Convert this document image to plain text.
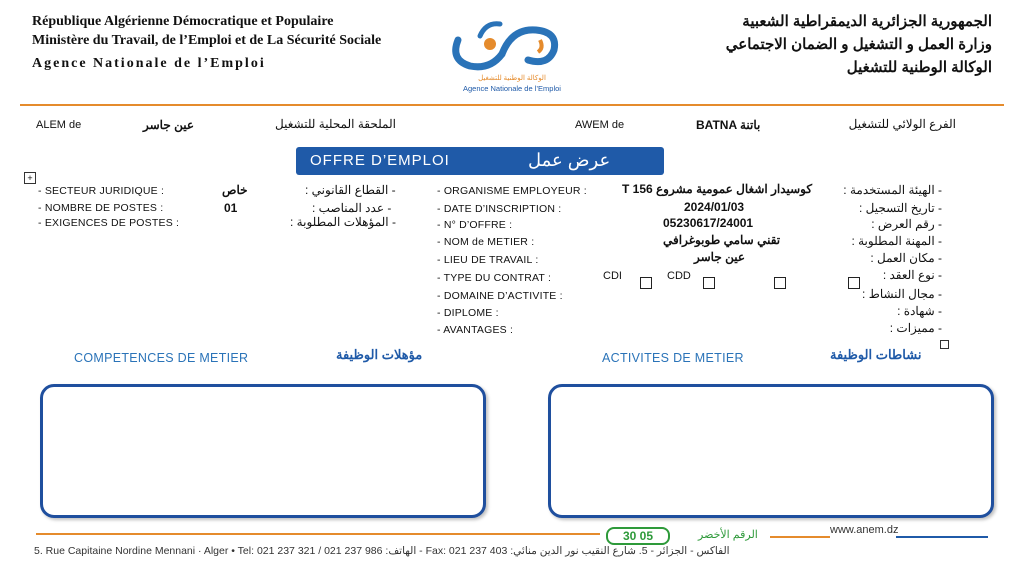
République Algérienne Démocratique et Populaire
Ministère du Travail, de l’Emploi et de La Sécurité Sociale
Agence Nationale de l’Emploi
الجمهورية الجزائرية الديمقراطية الشعبية
وزارة العمل و التشغيل و الضمان الاجتماعي
الوكالة الوطنية للتشغيل
الوكالة الوطنية للتشغيل
Agence Nationale de l’Emploi
ALEM de	عين جاسر	الملحقة المحلية للتشغيل	AWEM de	BATNA باتنة	الفرع الولائي للتشغيل
OFFRE D’EMPLOI	عرض عمل
+
- SECTEUR JURIDIQUE :	خاص	- القطاع القانوني :
- NOMBRE DE POSTES :	01	- عدد المناصب :
- EXIGENCES DE POSTES :	- المؤهلات المطلوبة :
- ORGANISME EMPLOYEUR :	كوسيدار اشغال عمومية مشروع T 156	- الهيئة المستخدمة :
- DATE D’INSCRIPTION :	2024/01/03	- تاريخ التسجيل :
- N° D’OFFRE :	05230617/24001	- رقم العرض :
- NOM de METIER :	تقني سامي طوبوغرافي	- المهنة المطلوبة :
- LIEU DE TRAVAIL :	عين جاسر	- مكان العمل :
- TYPE DU CONTRAT :	CDI	CDD	- نوع العقد :
- DOMAINE D’ACTIVITE :	- مجال النشاط :
- DIPLOME :	- شهادة :
- AVANTAGES :	- مميزات :
COMPETENCES DE METIER	مؤهلات الوظيفة	ACTIVITES DE METIER	نشاطات الوظيفة
30 05	الرقم الأخضر	www.anem.dz
5. Rue Capitaine Nordine Mennani · Alger • Tel: 021 237 321 / 021 237 986 :الهاتف - Fax: 021 237 403 :الفاكس - الجزائر - 5. شارع النقيب نور الدين منائي
